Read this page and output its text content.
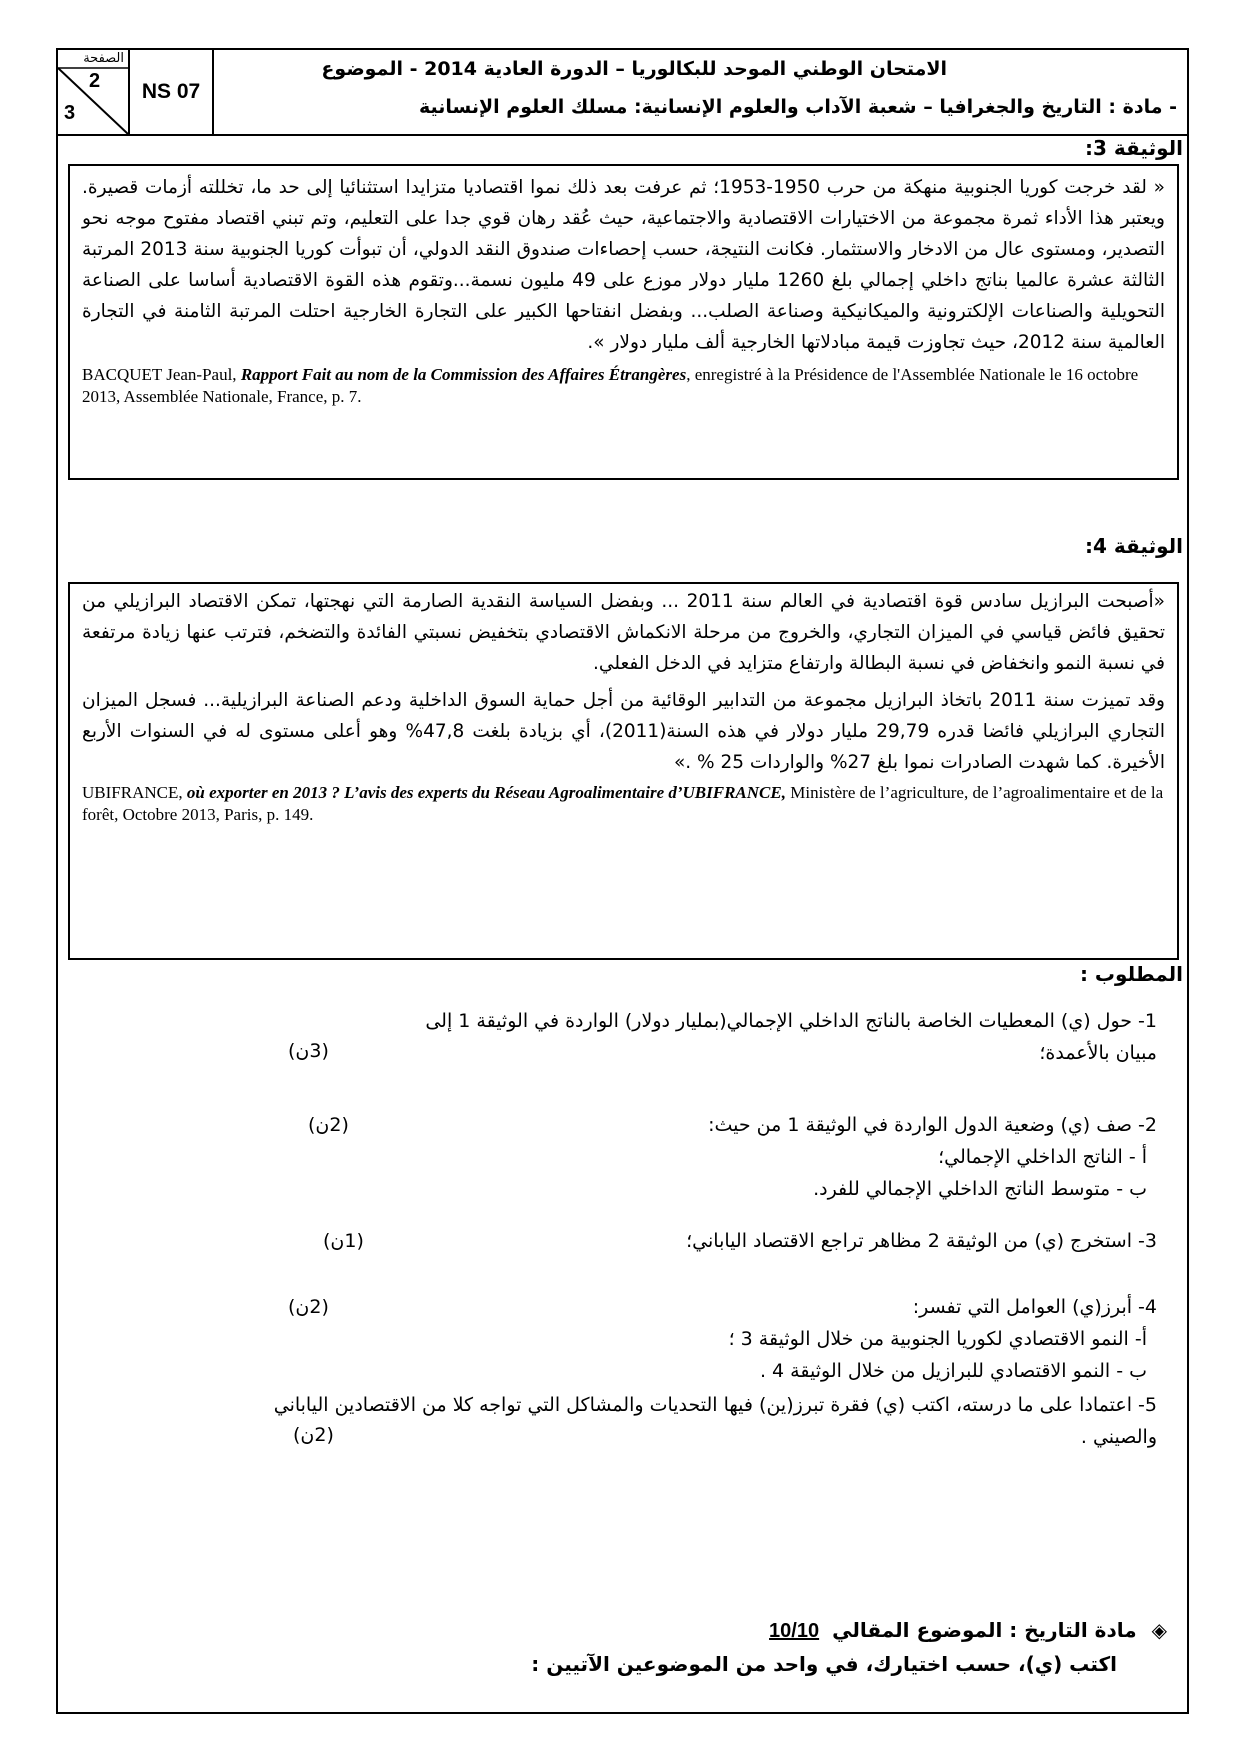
الصفحة
2
3
NS 07
الامتحان الوطني الموحد للبكالوريا – الدورة العادية 2014 - الموضوع
- مادة : التاريخ والجغرافيا – شعبة الآداب والعلوم الإنسانية: مسلك العلوم الإنسانية
الوثيقة 3:

« لقد خرجت كوريا الجنوبية منهكة من حرب 1950-1953؛ ثم عرفت بعد ذلك نموا اقتصاديا متزايدا استثنائيا إلى حد ما، تخللته أزمات قصيرة. ويعتبر هذا الأداء ثمرة مجموعة من الاختيارات الاقتصادية والاجتماعية، حيث عُقد رهان قوي جدا على التعليم، وتم تبني اقتصاد مفتوح موجه نحو التصدير، ومستوى عال من الادخار والاستثمار. فكانت النتيجة، حسب إحصاءات صندوق النقد الدولي، أن تبوأت كوريا الجنوبية سنة 2013 المرتبة الثالثة عشرة عالميا بناتج داخلي إجمالي بلغ 1260 مليار دولار موزع على 49 مليون نسمة...وتقوم هذه القوة الاقتصادية أساسا على الصناعة التحويلية والصناعات الإلكترونية والميكانيكية وصناعة الصلب... وبفضل انفتاحها الكبير على التجارة الخارجية احتلت المرتبة الثامنة في التجارة العالمية سنة 2012، حيث تجاوزت قيمة مبادلاتها الخارجية ألف مليار دولار ».

BACQUET Jean-Paul, Rapport Fait au nom de la Commission des Affaires Étrangères, enregistré à la Présidence de l'Assemblée Nationale le 16 octobre 2013, Assemblée Nationale, France, p. 7.

الوثيقة 4:

«أصبحت البرازيل سادس قوة اقتصادية في العالم سنة 2011 ... وبفضل السياسة النقدية الصارمة التي نهجتها، تمكن الاقتصاد البرازيلي من تحقيق فائض قياسي في الميزان التجاري، والخروج من مرحلة الانكماش الاقتصادي بتخفيض نسبتي الفائدة والتضخم، فترتب عنها زيادة مرتفعة في نسبة النمو وانخفاض في نسبة البطالة وارتفاع متزايد في الدخل الفعلي.

وقد تميزت سنة 2011 باتخاذ البرازيل مجموعة من التدابير الوقائية من أجل حماية السوق الداخلية ودعم الصناعة البرازيلية... فسجل الميزان التجاري البرازيلي فائضا قدره 29,79 مليار دولار في هذه السنة(2011)، أي بزيادة بلغت 47,8% وهو أعلى مستوى له في السنوات الأربع الأخيرة. كما شهدت الصادرات نموا بلغ 27% والواردات 25 % .»

UBIFRANCE, où exporter en 2013 ? L’avis des experts du Réseau Agroalimentaire d’UBIFRANCE, Ministère de l’agriculture, de l’agroalimentaire et de la forêt, Octobre 2013, Paris, p. 149.

المطلوب :
1- حول (ي) المعطيات الخاصة بالناتج الداخلي الإجمالي(بمليار دولار) الواردة في الوثيقة 1 إلى
مبيان بالأعمدة؛
(3ن)
2- صف (ي) وضعية الدول الواردة في الوثيقة 1 من حيث:
(2ن)
أ - الناتج الداخلي الإجمالي؛
ب - متوسط الناتج الداخلي الإجمالي للفرد.
3- استخرج (ي) من الوثيقة 2 مظاهر تراجع الاقتصاد الياباني؛
(1ن)
4- أبرز(ي) العوامل التي تفسر:
(2ن)
أ- النمو الاقتصادي لكوريا الجنوبية من خلال الوثيقة 3 ؛
ب - النمو الاقتصادي للبرازيل من خلال الوثيقة 4 .
5- اعتمادا على ما درسته، اكتب (ي) فقرة تبرز(ين) فيها التحديات والمشاكل التي تواجه كلا من الاقتصادين الياباني
والصيني .
(2ن)
◈ مادة التاريخ : الموضوع المقالي 10/10
اكتب (ي)، حسب اختيارك، في واحد من الموضوعين الآتيين :
